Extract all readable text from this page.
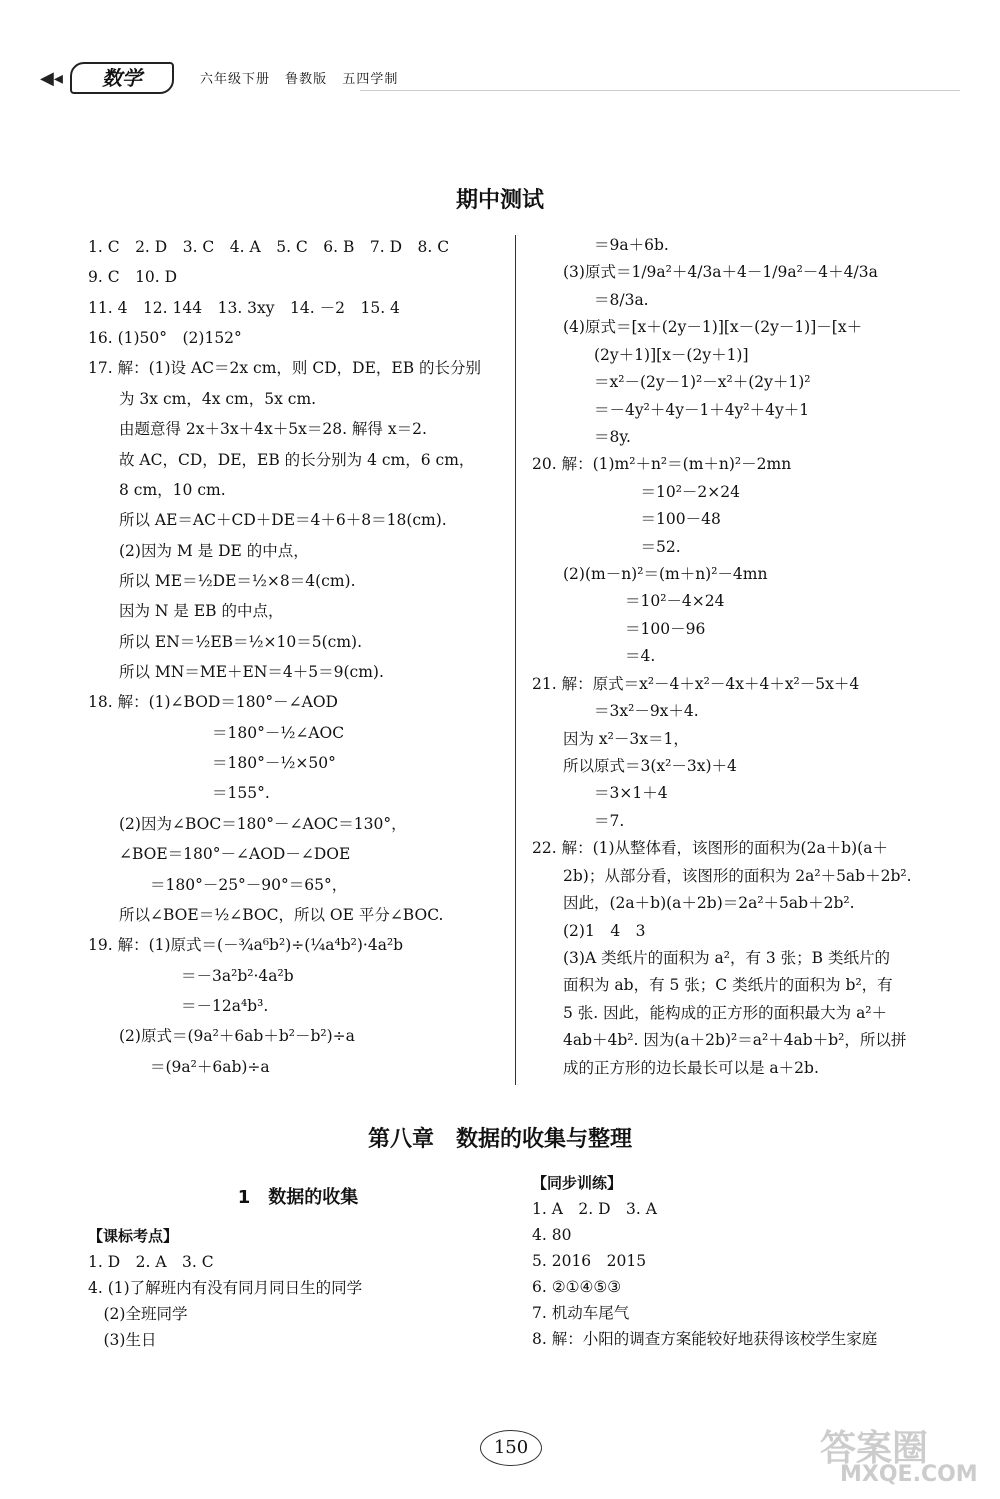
◀◂	数学	六年级下册 鲁教版 五四学制
期中测试
1. C　2. D　3. C　4. A　5. C　6. B　7. D　8. C
9. C　10. D
11. 4　12. 144　13. 3xy　14. －2　15. 4
16. (1)50°　(2)152°
17. 解：(1)设 AC＝2x cm，则 CD，DE，EB 的长分别
　　为 3x cm，4x cm，5x cm.
　　由题意得 2x＋3x＋4x＋5x＝28. 解得 x＝2.
　　故 AC，CD，DE，EB 的长分别为 4 cm，6 cm，
　　8 cm，10 cm.
　　所以 AE＝AC＋CD＋DE＝4＋6＋8＝18(cm).
　　(2)因为 M 是 DE 的中点，
　　所以 ME＝½DE＝½×8＝4(cm).
　　因为 N 是 EB 的中点，
　　所以 EN＝½EB＝½×10＝5(cm).
　　所以 MN＝ME＋EN＝4＋5＝9(cm).
18. 解：(1)∠BOD＝180°－∠AOD
　　　　　　　　＝180°－½∠AOC
　　　　　　　　＝180°－½×50°
　　　　　　　　＝155°.
　　(2)因为∠BOC＝180°－∠AOC＝130°，
　　∠BOE＝180°－∠AOD－∠DOE
　　　　＝180°－25°－90°＝65°，
　　所以∠BOE＝½∠BOC，所以 OE 平分∠BOC.
19. 解：(1)原式＝(－¾a⁶b²)÷(¼a⁴b²)·4a²b
　　　　　　＝－3a²b²·4a²b
　　　　　　＝－12a⁴b³.
　　(2)原式＝(9a²＋6ab＋b²－b²)÷a
　　　　＝(9a²＋6ab)÷a
　　　　＝9a＋6b.
　　(3)原式＝1/9a²＋4/3a＋4－1/9a²－4＋4/3a
　　　　＝8/3a.
　　(4)原式＝[x＋(2y－1)][x－(2y－1)]－[x＋
　　　　(2y＋1)][x－(2y＋1)]
　　　　＝x²－(2y－1)²－x²＋(2y＋1)²
　　　　＝－4y²＋4y－1＋4y²＋4y＋1
　　　　＝8y.
20. 解：(1)m²＋n²＝(m＋n)²－2mn
　　　　　　　＝10²－2×24
　　　　　　　＝100－48
　　　　　　　＝52.
　　(2)(m－n)²＝(m＋n)²－4mn
　　　　　　＝10²－4×24
　　　　　　＝100－96
　　　　　　＝4.
21. 解：原式＝x²－4＋x²－4x＋4＋x²－5x＋4
　　　　＝3x²－9x＋4.
　　因为 x²－3x＝1，
　　所以原式＝3(x²－3x)＋4
　　　　＝3×1＋4
　　　　＝7.
22. 解：(1)从整体看，该图形的面积为(2a＋b)(a＋
　　2b)；从部分看，该图形的面积为 2a²＋5ab＋2b².
　　因此，(2a＋b)(a＋2b)＝2a²＋5ab＋2b².
　　(2)1　4　3
　　(3)A 类纸片的面积为 a²，有 3 张；B 类纸片的
　　面积为 ab，有 5 张；C 类纸片的面积为 b²，有
　　5 张. 因此，能构成的正方形的面积最大为 a²＋
　　4ab＋4b². 因为(a＋2b)²＝a²＋4ab＋b²，所以拼
　　成的正方形的边长最长可以是 a＋2b.
第八章　数据的收集与整理
1　数据的收集
【课标考点】
1. D　2. A　3. C
4. (1)了解班内有没有同月同日生的同学
　(2)全班同学
　(3)生日
【同步训练】
1. A　2. D　3. A
4. 80
5. 2016　2015
6. ②①④⑤③
7. 机动车尾气
8. 解：小阳的调查方案能较好地获得该校学生家庭
150	答案圈
MXQE.COM
